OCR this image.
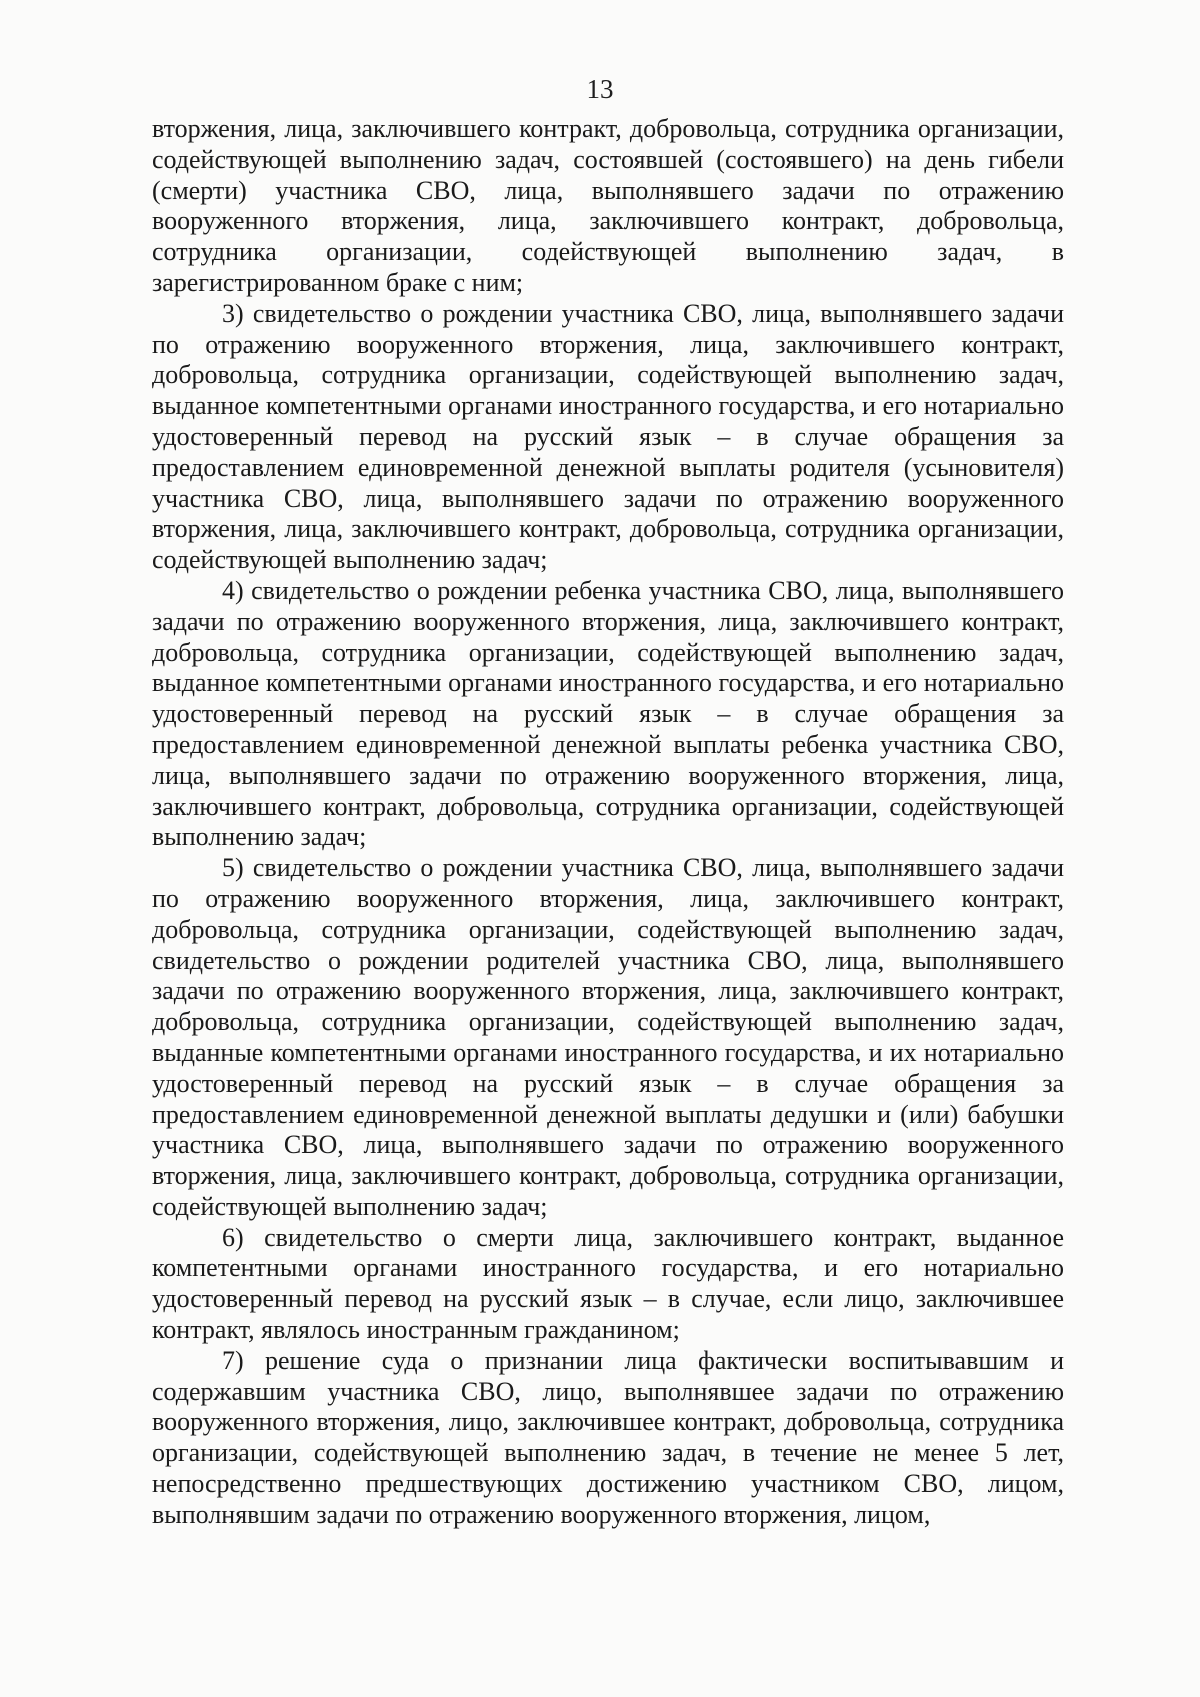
13

вторжения, лица, заключившего контракт, добровольца, сотрудника организации, содействующей выполнению задач, состоявшей (состоявшего) на день гибели (смерти) участника СВО, лица, выполнявшего задачи по отражению вооруженного вторжения, лица, заключившего контракт, добровольца, сотрудника организации, содействующей выполнению задач, в зарегистрированном браке с ним;

3) свидетельство о рождении участника СВО, лица, выполнявшего задачи по отражению вооруженного вторжения, лица, заключившего контракт, добровольца, сотрудника организации, содействующей выполнению задач, выданное компетентными органами иностранного государства, и его нотариально удостоверенный перевод на русский язык – в случае обращения за предоставлением единовременной денежной выплаты родителя (усыновителя) участника СВО, лица, выполнявшего задачи по отражению вооруженного вторжения, лица, заключившего контракт, добровольца, сотрудника организации, содействующей выполнению задач;

4) свидетельство о рождении ребенка участника СВО, лица, выполнявшего задачи по отражению вооруженного вторжения, лица, заключившего контракт, добровольца, сотрудника организации, содействующей выполнению задач, выданное компетентными органами иностранного государства, и его нотариально удостоверенный перевод на русский язык – в случае обращения за предоставлением единовременной денежной выплаты ребенка участника СВО, лица, выполнявшего задачи по отражению вооруженного вторжения, лица, заключившего контракт, добровольца, сотрудника организации, содействующей выполнению задач;

5) свидетельство о рождении участника СВО, лица, выполнявшего задачи по отражению вооруженного вторжения, лица, заключившего контракт, добровольца, сотрудника организации, содействующей выполнению задач, свидетельство о рождении родителей участника СВО, лица, выполнявшего задачи по отражению вооруженного вторжения, лица, заключившего контракт, добровольца, сотрудника организации, содействующей выполнению задач, выданные компетентными органами иностранного государства, и их нотариально удостоверенный перевод на русский язык – в случае обращения за предоставлением единовременной денежной выплаты дедушки и (или) бабушки участника СВО, лица, выполнявшего задачи по отражению вооруженного вторжения, лица, заключившего контракт, добровольца, сотрудника организации, содействующей выполнению задач;

6) свидетельство о смерти лица, заключившего контракт, выданное компетентными органами иностранного государства, и его нотариально удостоверенный перевод на русский язык – в случае, если лицо, заключившее контракт, являлось иностранным гражданином;

7) решение суда о признании лица фактически воспитывавшим и содержавшим участника СВО, лицо, выполнявшее задачи по отражению вооруженного вторжения, лицо, заключившее контракт, добровольца, сотрудника организации, содействующей выполнению задач, в течение не менее 5 лет, непосредственно предшествующих достижению участником СВО, лицом, выполнявшим задачи по отражению вооруженного вторжения, лицом,
